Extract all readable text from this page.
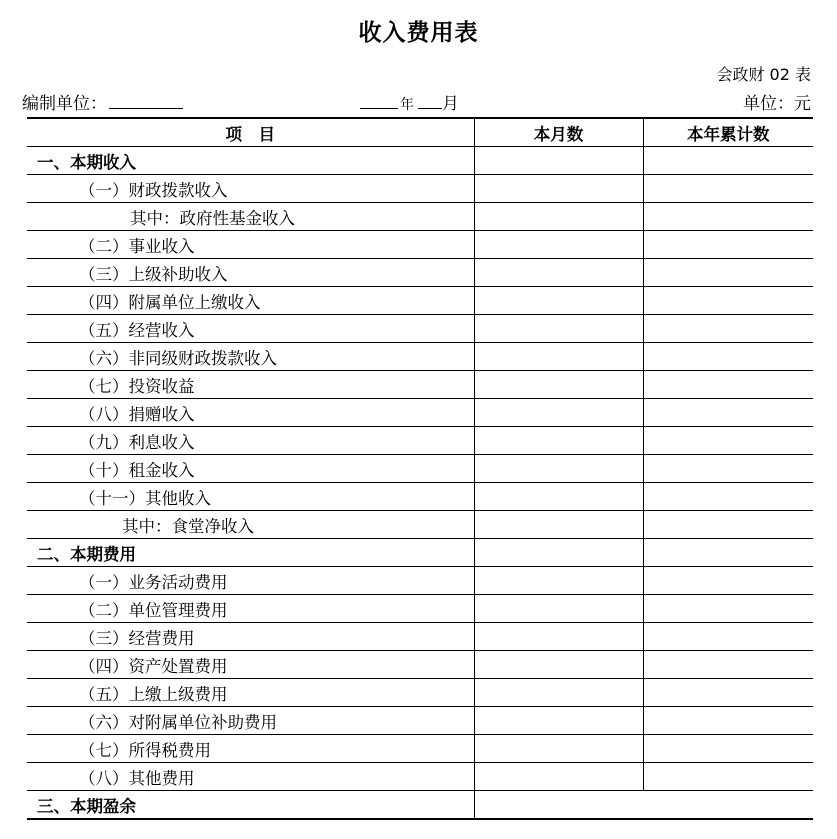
收入费用表
会政财 02 表
编制单位：	年 月	单位：元
项　目	本月数	本年累计数
一、本期收入		
（一）财政拨款收入		
其中：政府性基金收入		
（二）事业收入		
（三）上级补助收入		
（四）附属单位上缴收入		
（五）经营收入		
（六）非同级财政拨款收入		
（七）投资收益		
（八）捐赠收入		
（九）利息收入		
（十）租金收入		
（十一）其他收入		
其中：食堂净收入		
二、本期费用		
（一）业务活动费用		
（二）单位管理费用		
（三）经营费用		
（四）资产处置费用		
（五）上缴上级费用		
（六）对附属单位补助费用		
（七）所得税费用		
（八）其他费用		
三、本期盈余		
